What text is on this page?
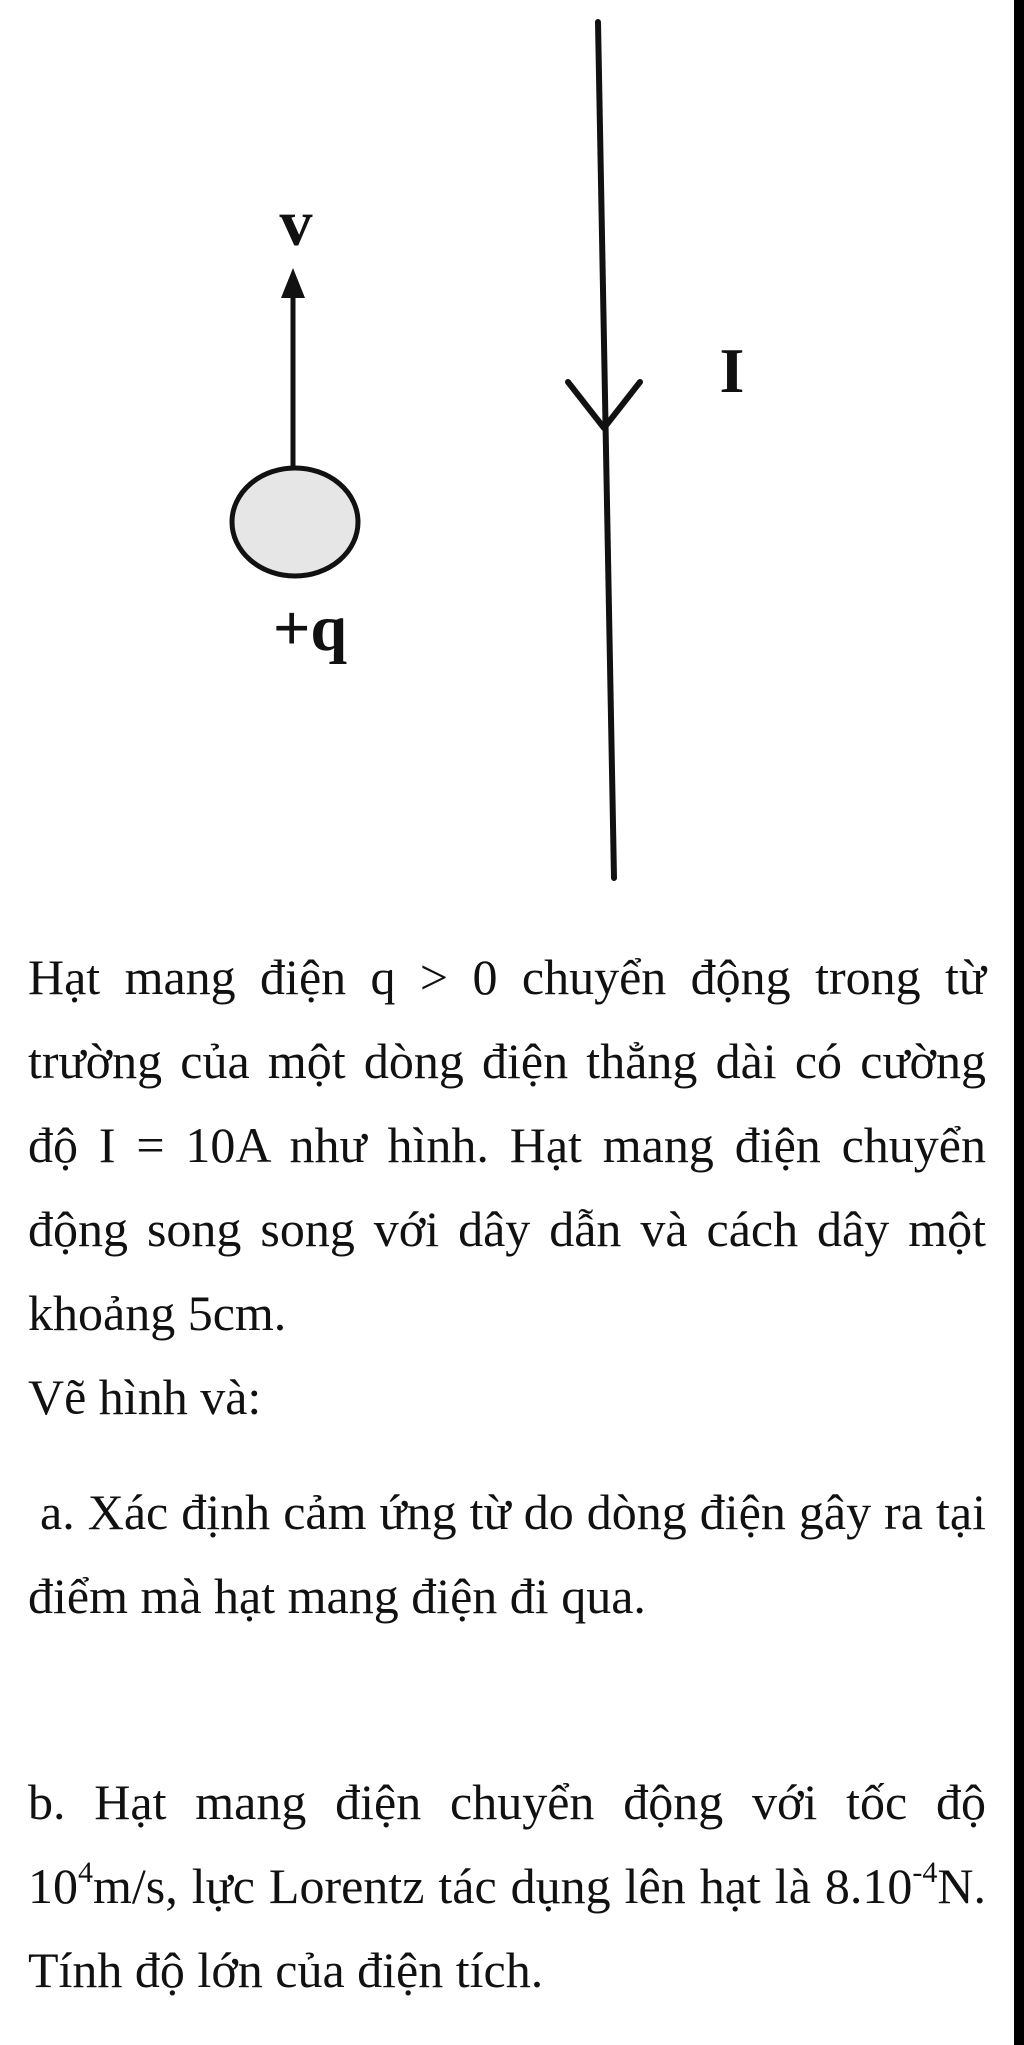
I
v
+q

Hạt mang điện q > 0 chuyển động trong từ trường của một dòng điện thẳng dài có cường độ I = 10A như hình. Hạt mang điện chuyển động song song với dây dẫn và cách dây một khoảng 5cm.
Vẽ hình và:

a. Xác định cảm ứng từ do dòng điện gây ra tại điểm mà hạt mang điện đi qua.

b. Hạt mang điện chuyển động với tốc độ $10^4m/s$, lực Lorentz tác dụng lên hạt là $8.10^{-4}N$. Tính độ lớn của điện tích.
